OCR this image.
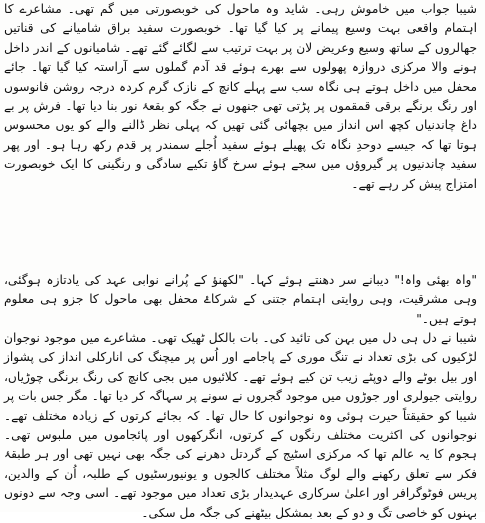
شیبا جواب میں خاموش رہی۔ شاید وہ ماحول کی خوبصورتی میں گم تھی۔ مشاعرے کا اہتمام واقعی بہت وسیع پیمانے پر کیا گیا تھا۔ خوبصورت سفید براق شامیانے کی قناتیں جھالروں کے ساتھ وسیع وعریض لان پر بہت ترتیب سے لگائے گئے تھے۔ شامیانوں کے اندر داخل ہونے والا مرکزی دروازہ پھولوں سے بھرے ہوئے قد آدم گملوں سے آراستہ کیا گیا تھا۔ جائے محفل میں داخل ہوتے ہی نگاہ سب سے پہلے کانچ کے نازک گرم کردہ درجہ روشن فانوسوں اور رنگ برنگے برقی قمقموں پر پڑتی تھی جنھوں نے جگہ کو بقعۂ نور بنا دیا تھا۔ فرش پر بے داغ چاندنیاں کچھ اس انداز میں بچھائی گئی تھیں کہ پہلی نظر ڈالنے والے کو یوں محسوس ہوتا تھا کہ جیسے دوحدِ نگاہ تک پھیلے ہوئے سفید اُجلے سمندر پر قدم رکھ رہا ہو۔ اور پھر سفید چاندنیوں پر گیروؤں میں سجے ہوئے سرخ گاؤ تکیے سادگی و رنگینی کا ایک خوبصورت امتزاج پیش کر رہے تھے۔

"واہ بھئی واہ!" دیبانے سر دھنتے ہوئے کہا۔ "لکھنؤ کے پُرانے نوابی عہد کی یادتازہ ہوگئی، وہی مشرقیت، وہی روایتی اہتمام جتنی کے شرکاۓ محفل بھی ماحول کا جزو ہی معلوم ہوتے ہیں۔"

شیبا نے دل ہی دل میں بہن کی تائید کی۔ بات بالکل ٹھیک تھی۔ مشاعرے میں موجود نوجوان لڑکیوں کی بڑی تعداد نے تنگ موری کے پاجامے اور اُس پر میچنگ کی انارکلی انداز کی پشواز اور بیل بوٹے والے دوپٹے زیب تن کیے ہوئے تھے۔ کلائیوں میں بجی کانچ کی رنگ برنگی چوڑیاں، روایتی جیولری اور جوڑوں میں موجود گجروں نے سونے پر سہاگہ کر دیا تھا۔ مگر جس بات پر شیبا کو حقیقتاً حیرت ہوئی وہ نوجوانوں کا حال تھا۔ کہ بجائے کرتوں کے زیادہ مختلف تھے۔ نوجوانوں کی اکثریت مختلف رنگوں کے کرتوں، انگرکھوں اور پائجاموں میں ملبوس تھی۔ ہجوم کا یہ عالم تھا کہ مرکزی اسٹیج کے گردتل دھرنے کی جگہ بھی نہیں تھی اور ہر طبقۂ فکر سے تعلق رکھنے والے لوگ مثلاً مختلف کالجوں و یونیورسٹیوں کے طلبہ، اُن کے والدین، پریس فوٹوگرافر اور اعلیٰ سرکاری عہدیدار بڑی تعداد میں موجود تھے۔ اسی وجہ سے دونوں بہنوں کو خاصی تگ و دو کے بعد بمشکل بیٹھنے کی جگہ مل سکی۔
